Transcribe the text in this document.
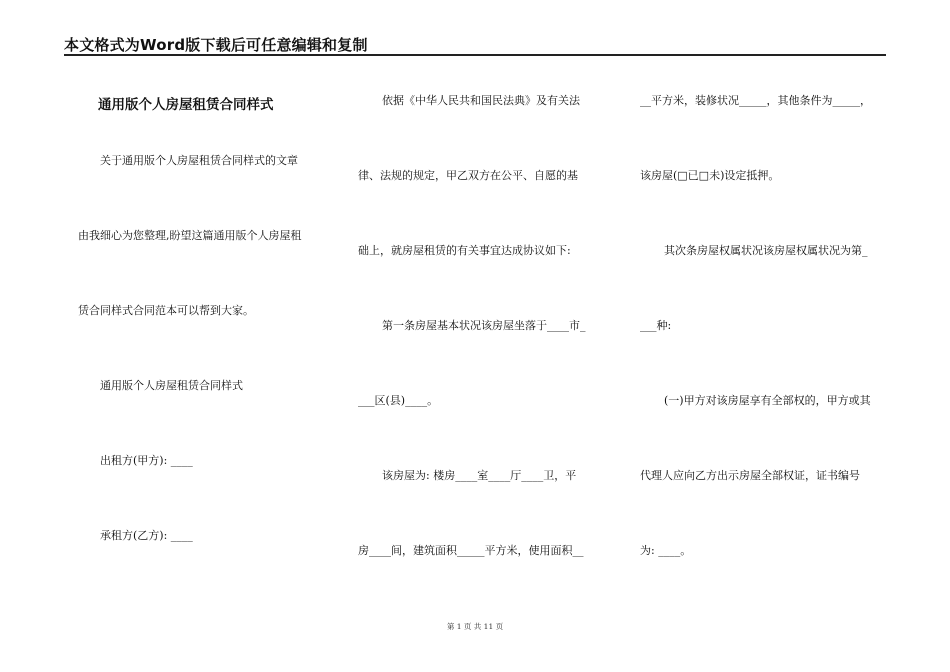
本文格式为Word版下载后可任意编辑和复制
通用版个人房屋租赁合同样式
关于通用版个人房屋租赁合同样式的文章
由我细心为您整理,盼望这篇通用版个人房屋租
赁合同样式合同范本可以帮到大家。
通用版个人房屋租赁合同样式
出租方(甲方): ____
承租方(乙方): ____
依据《中华人民共和国民法典》及有关法
律、法规的规定，甲乙双方在公平、自愿的基
础上，就房屋租赁的有关事宜达成协议如下:
第一条房屋基本状况该房屋坐落于____市_
___区(县)____。
该房屋为: 楼房____室____厅____卫，平
房____间，建筑面积_____平方米，使用面积__
__平方米，装修状况_____，其他条件为_____，
该房屋(□已□未)设定抵押。
其次条房屋权属状况该房屋权属状况为第_
___种:
(一)甲方对该房屋享有全部权的，甲方或其
代理人应向乙方出示房屋全部权证，证书编号
为: ____。
第 1 页 共 11 页
